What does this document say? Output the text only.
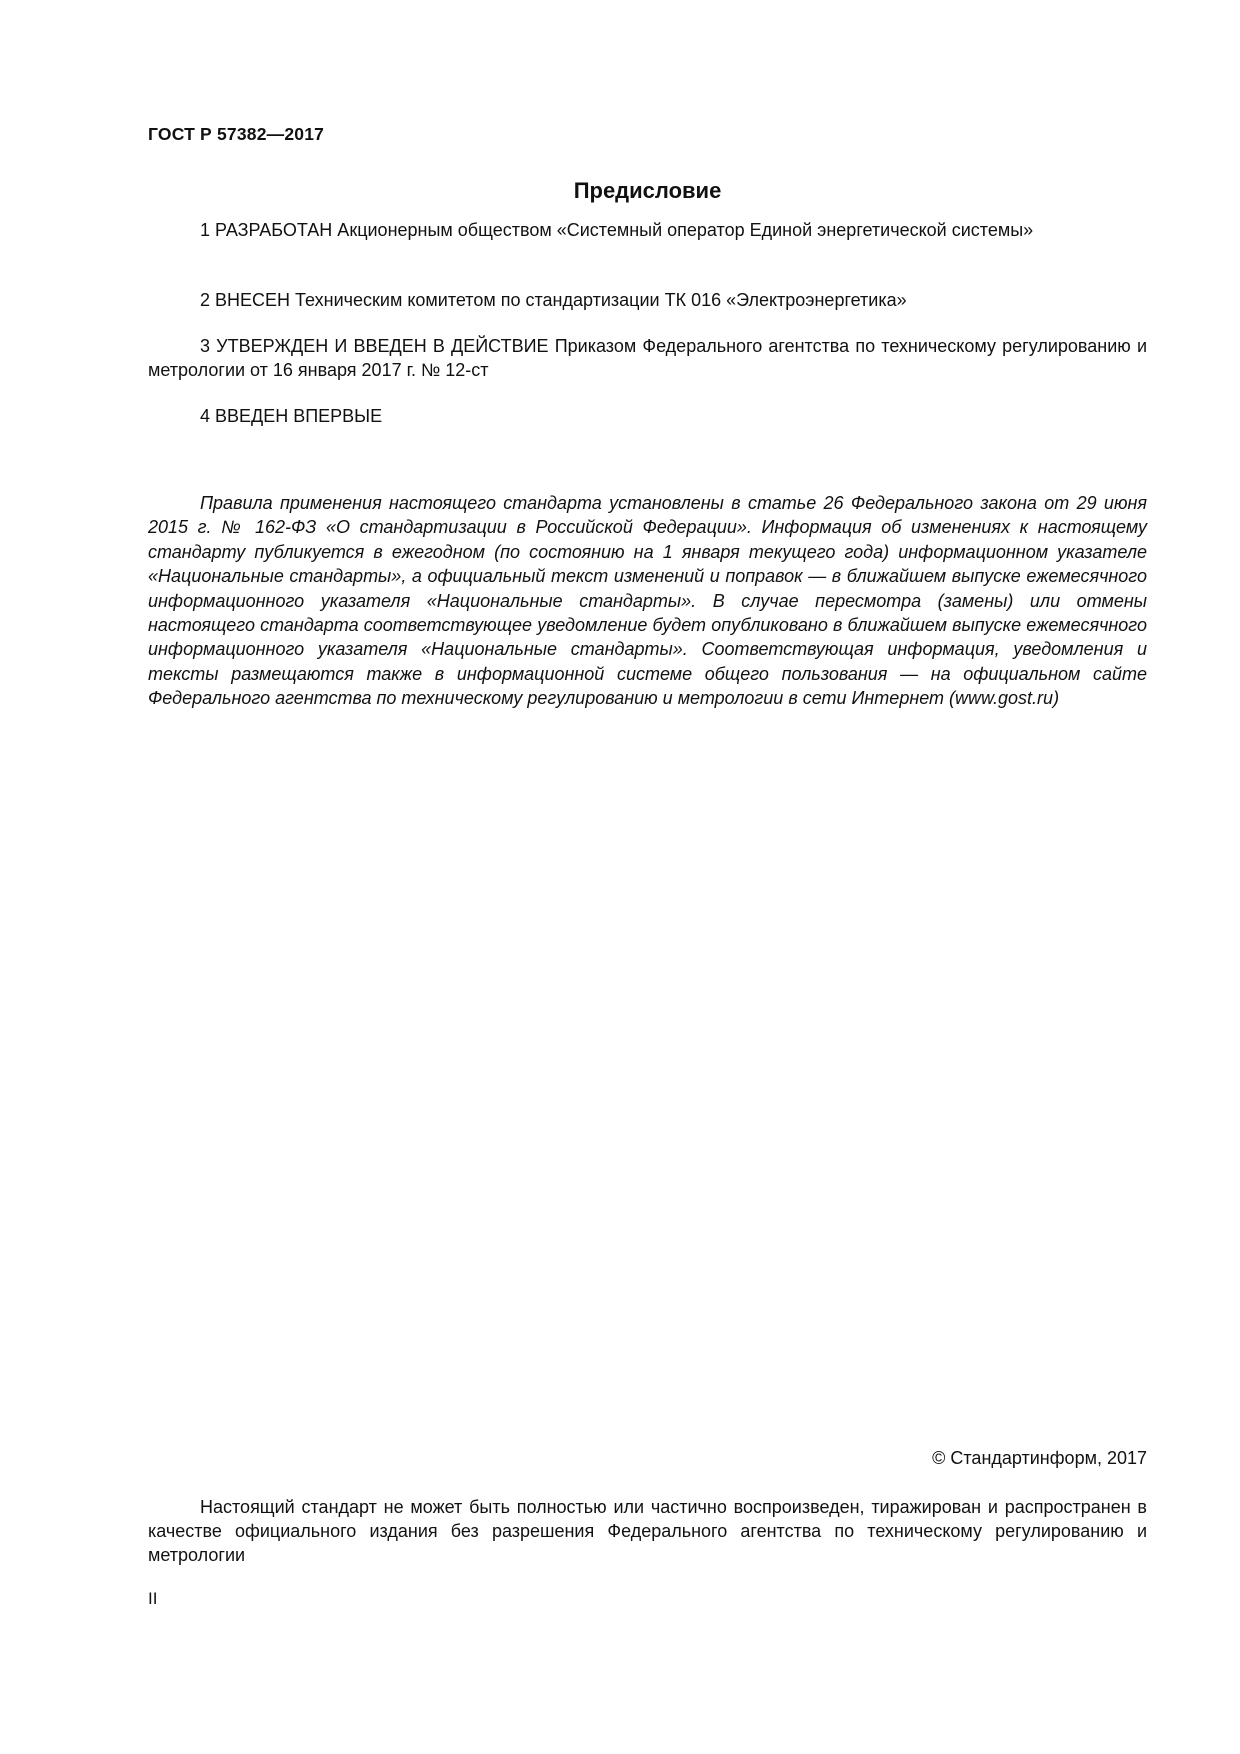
ГОСТ Р 57382—2017
Предисловие

1 РАЗРАБОТАН Акционерным обществом «Системный оператор Единой энергетической системы»

2 ВНЕСЕН Техническим комитетом по стандартизации ТК 016 «Электроэнергетика»

3 УТВЕРЖДЕН И ВВЕДЕН В ДЕЙСТВИЕ Приказом Федерального агентства по техническому регулированию и метрологии от 16 января 2017 г. № 12-ст

4 ВВЕДЕН ВПЕРВЫЕ

Правила применения настоящего стандарта установлены в статье 26 Федерального закона от 29 июня 2015 г. № 162-ФЗ «О стандартизации в Российской Федерации». Информация об изменениях к настоящему стандарту публикуется в ежегодном (по состоянию на 1 января текущего года) информационном указателе «Национальные стандарты», а официальный текст изменений и поправок — в ближайшем выпуске ежемесячного информационного указателя «Национальные стандарты». В случае пересмотра (замены) или отмены настоящего стандарта соответствующее уведомление будет опубликовано в ближайшем выпуске ежемесячного информационного указателя «Национальные стандарты». Соответствующая информация, уведомления и тексты размещаются также в информационной системе общего пользования — на официальном сайте Федерального агентства по техническому регулированию и метрологии в сети Интернет (www.gost.ru)

© Стандартинформ, 2017

Настоящий стандарт не может быть полностью или частично воспроизведен, тиражирован и распространен в качестве официального издания без разрешения Федерального агентства по техническому регулированию и метрологии

II
